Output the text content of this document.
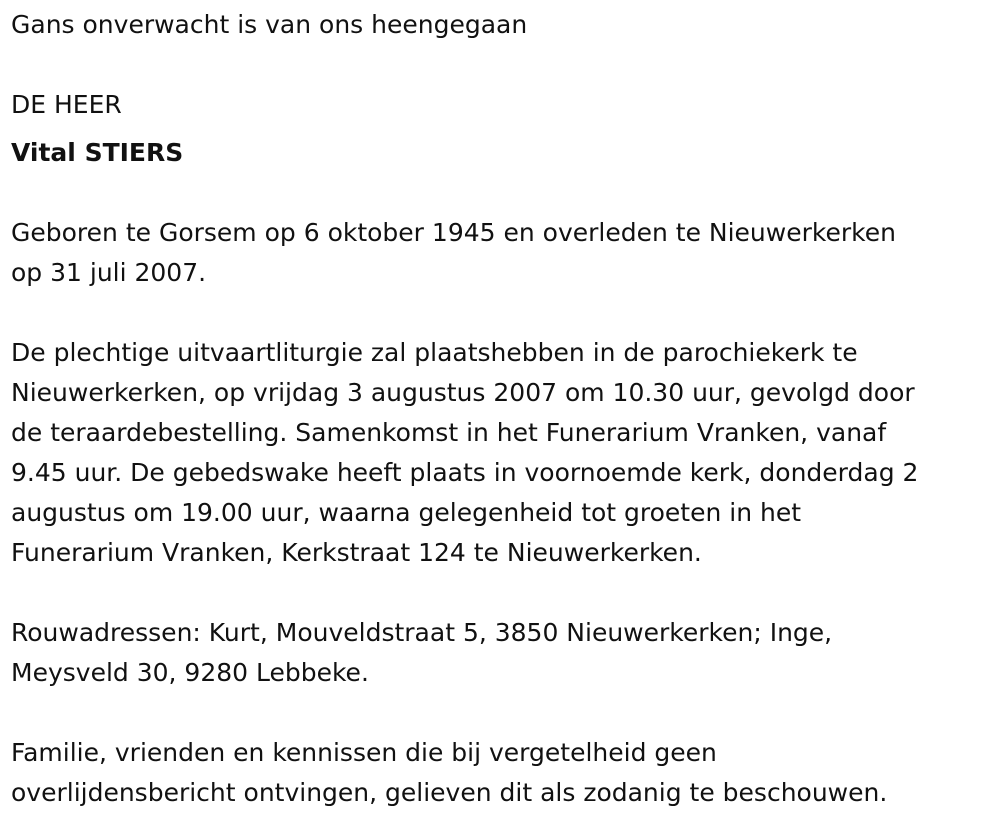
Gans onverwacht is van ons heengegaan
DE HEER
Vital STIERS
Geboren te Gorsem op 6 oktober 1945 en overleden te Nieuwerkerken
op 31 juli 2007.
De plechtige uitvaartliturgie zal plaatshebben in de parochiekerk te
Nieuwerkerken, op vrijdag 3 augustus 2007 om 10.30 uur, gevolgd door
de teraardebestelling. Samenkomst in het Funerarium Vranken, vanaf
9.45 uur. De gebedswake heeft plaats in voornoemde kerk, donderdag 2
augustus om 19.00 uur, waarna gelegenheid tot groeten in het
Funerarium Vranken, Kerkstraat 124 te Nieuwerkerken.
Rouwadressen: Kurt, Mouveldstraat 5, 3850 Nieuwerkerken; Inge,
Meysveld 30, 9280 Lebbeke.
Familie, vrienden en kennissen die bij vergetelheid geen
overlijdensbericht ontvingen, gelieven dit als zodanig te beschouwen.
